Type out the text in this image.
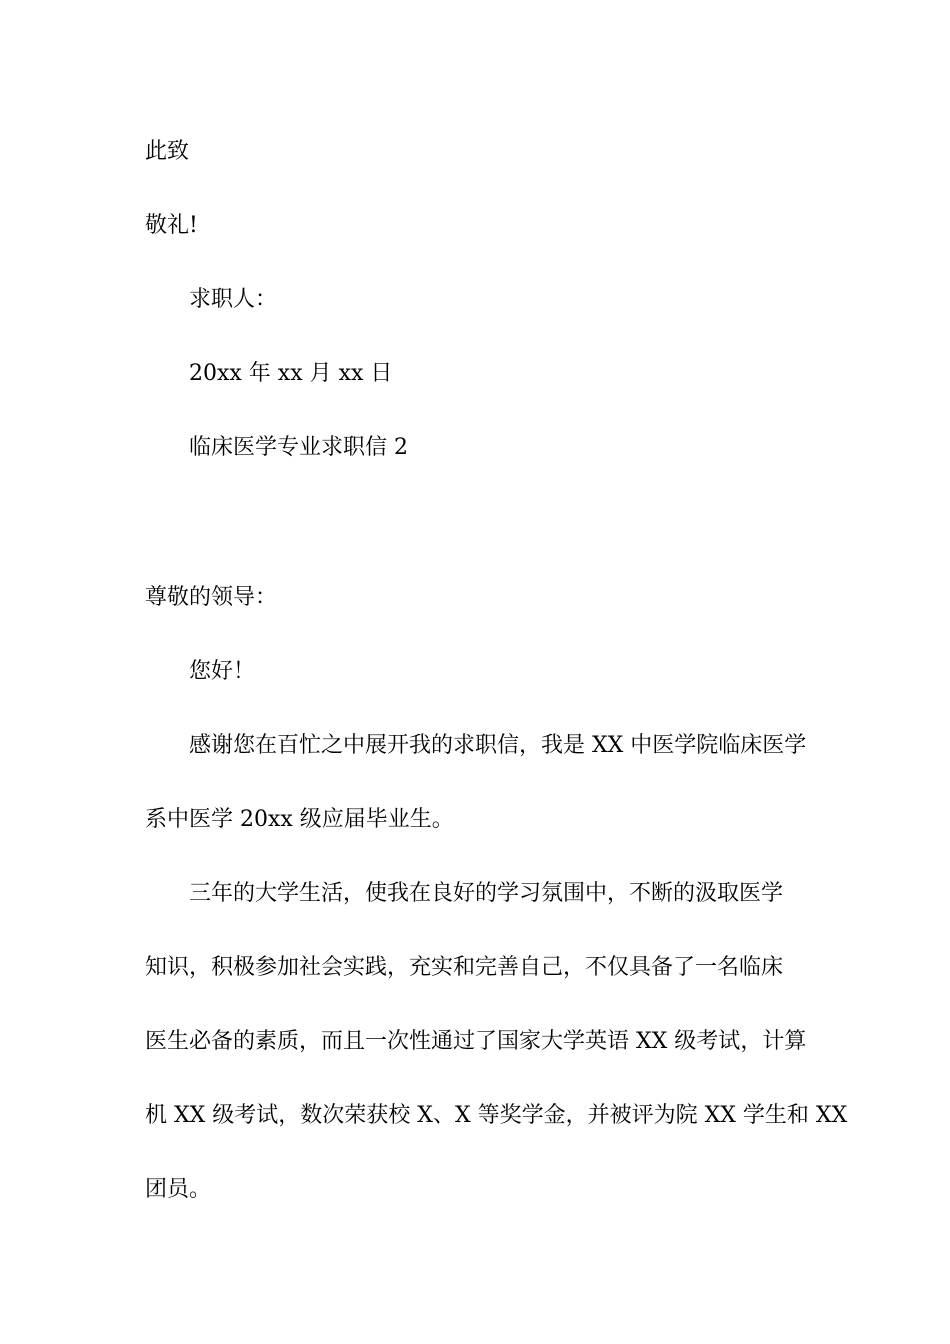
此致
敬礼!
求职人：
20xx 年 xx 月 xx 日
临床医学专业求职信 2
尊敬的领导：
您好！
感谢您在百忙之中展开我的求职信，我是 XX 中医学院临床医学
系中医学 20xx 级应届毕业生。
三年的大学生活，使我在良好的学习氛围中，不断的汲取医学
知识，积极参加社会实践，充实和完善自己，不仅具备了一名临床
医生必备的素质，而且一次性通过了国家大学英语 XX 级考试，计算
机 XX 级考试，数次荣获校 X、X 等奖学金，并被评为院 XX 学生和 XX
团员。
